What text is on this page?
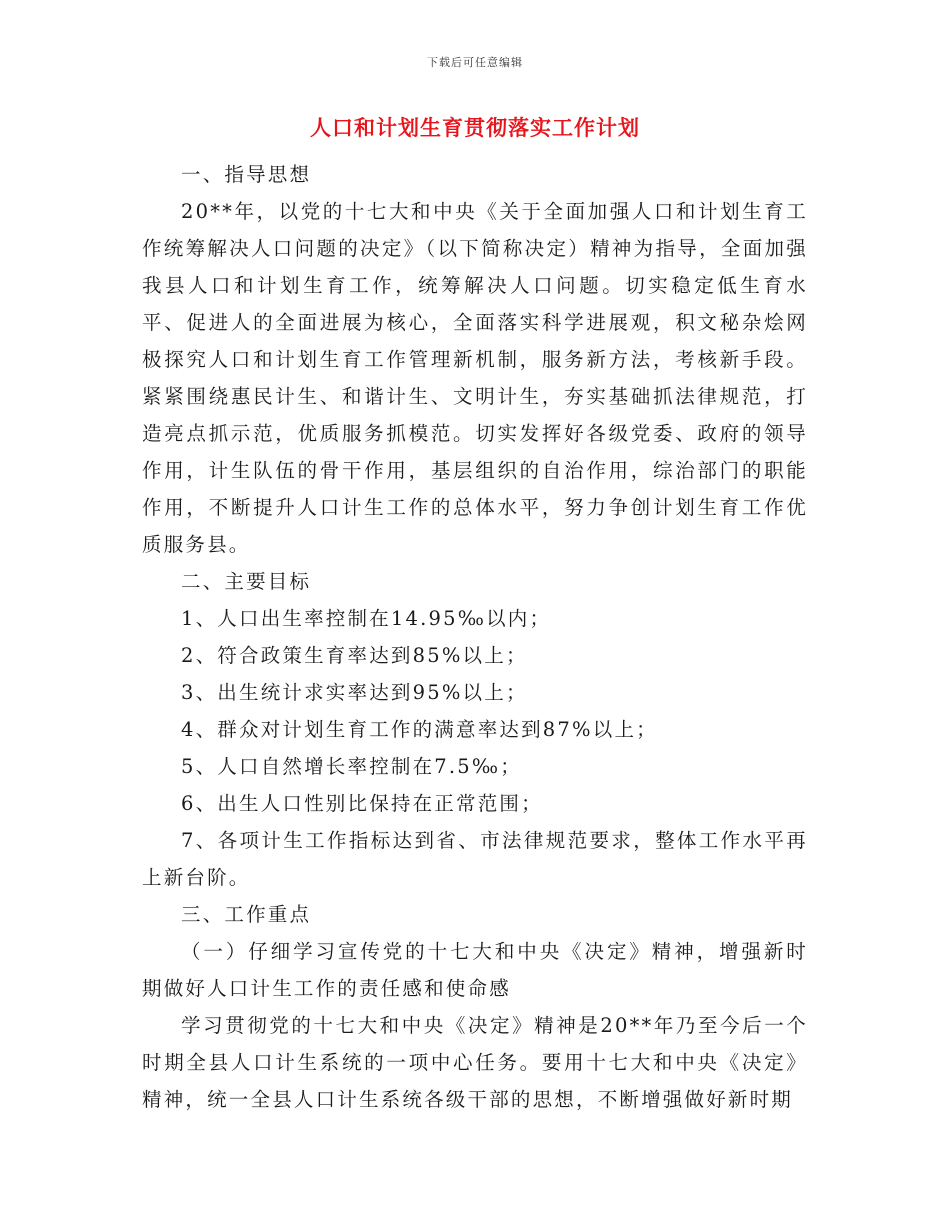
下载后可任意编辑
人口和计划生育贯彻落实工作计划

一、指导思想

20**年，以党的十七大和中央《关于全面加强人口和计划生育工作统筹解决人口问题的决定》（以下简称决定）精神为指导，全面加强我县人口和计划生育工作，统筹解决人口问题。切实稳定低生育水平、促进人的全面进展为核心，全面落实科学进展观，积文秘杂烩网极探究人口和计划生育工作管理新机制，服务新方法，考核新手段。紧紧围绕惠民计生、和谐计生、文明计生，夯实基础抓法律规范，打造亮点抓示范，优质服务抓模范。切实发挥好各级党委、政府的领导作用，计生队伍的骨干作用，基层组织的自治作用，综治部门的职能作用，不断提升人口计生工作的总体水平，努力争创计划生育工作优质服务县。

二、主要目标

1、人口出生率控制在14.95‰以内；

2、符合政策生育率达到85%以上；

3、出生统计求实率达到95%以上；

4、群众对计划生育工作的满意率达到87%以上；

5、人口自然增长率控制在7.5‰；

6、出生人口性别比保持在正常范围；

7、各项计生工作指标达到省、市法律规范要求，整体工作水平再上新台阶。

三、工作重点

（一）仔细学习宣传党的十七大和中央《决定》精神，增强新时期做好人口计生工作的责任感和使命感

学习贯彻党的十七大和中央《决定》精神是20**年乃至今后一个时期全县人口计生系统的一项中心任务。要用十七大和中央《决定》精神，统一全县人口计生系统各级干部的思想，不断增强做好新时期
